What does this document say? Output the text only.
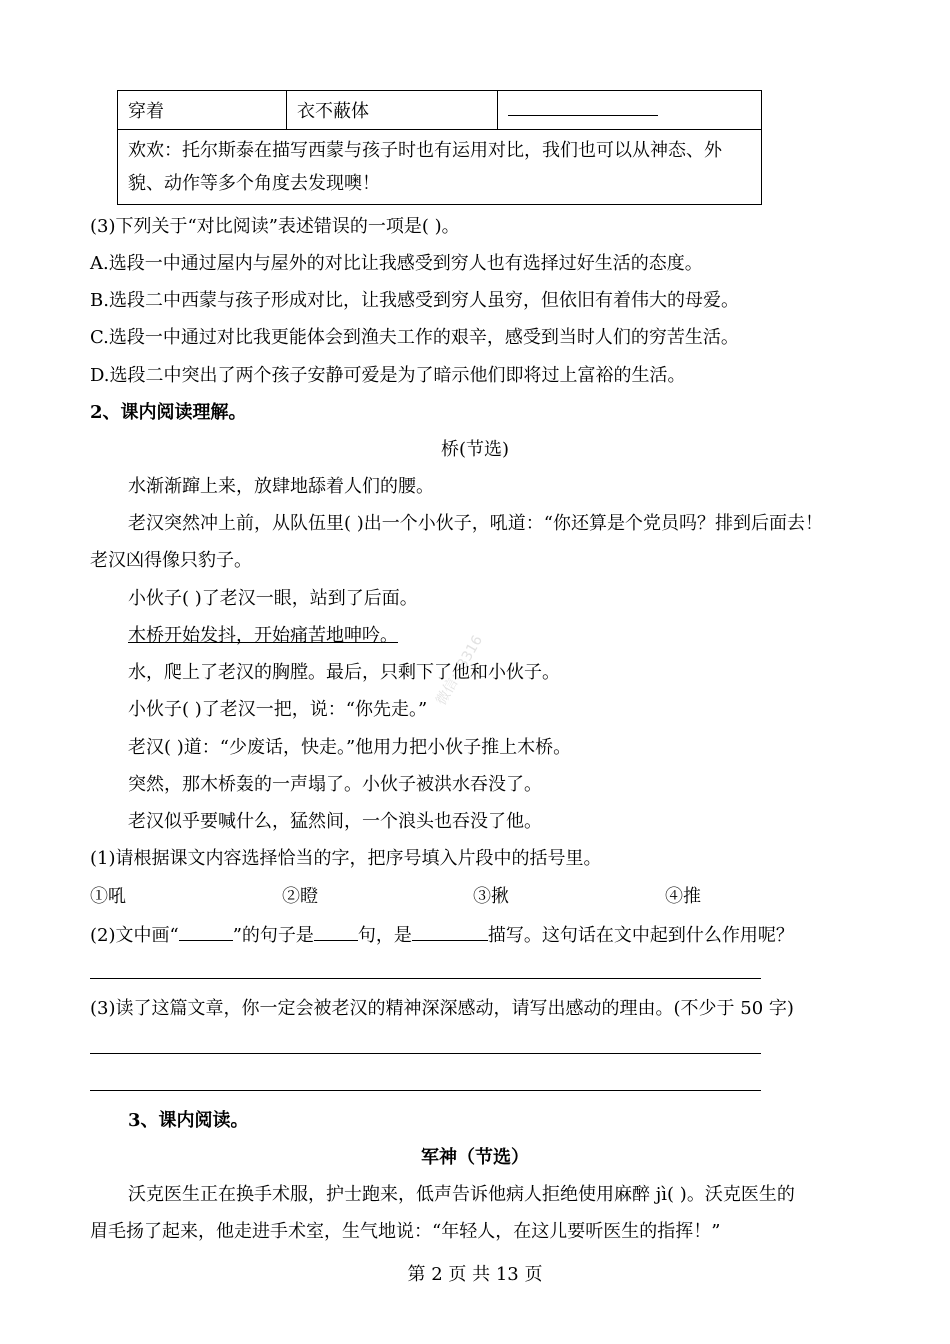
穿着	衣不蔽体	
欢欢：托尔斯泰在描写西蒙与孩子时也有运用对比，我们也可以从神态、外貌、动作等多个角度去发现噢！
(3)下列关于“对比阅读”表述错误的一项是( )。
A.选段一中通过屋内与屋外的对比让我感受到穷人也有选择过好生活的态度。
B.选段二中西蒙与孩子形成对比，让我感受到穷人虽穷，但依旧有着伟大的母爱。
C.选段一中通过对比我更能体会到渔夫工作的艰辛，感受到当时人们的穷苦生活。
D.选段二中突出了两个孩子安静可爱是为了暗示他们即将过上富裕的生活。
2、课内阅读理解。
桥(节选)
水渐渐蹿上来，放肆地舔着人们的腰。
老汉突然冲上前，从队伍里( )出一个小伙子，吼道：“你还算是个党员吗？排到后面去！
老汉凶得像只豹子。
小伙子( )了老汉一眼，站到了后面。
木桥开始发抖，开始痛苦地呻吟。
水，爬上了老汉的胸膛。最后，只剩下了他和小伙子。
小伙子( )了老汉一把，说：“你先走。”
老汉( )道：“少废话，快走。”他用力把小伙子推上木桥。
突然，那木桥轰的一声塌了。小伙子被洪水吞没了。
老汉似乎要喊什么，猛然间，一个浪头也吞没了他。
微信：3316
(1)请根据课文内容选择恰当的字，把序号填入片段中的括号里。
①吼	②瞪	③揪	④推
(2)文中画“	”的句子是 句，是	描写。这句话在文中起到什么作用呢？
(3)读了这篇文章，你一定会被老汉的精神深深感动，请写出感动的理由。(不少于 50 字)
3、课内阅读。
军神（节选）
沃克医生正在换手术服，护士跑来，低声告诉他病人拒绝使用麻醉 jì( )。沃克医生的
眉毛扬了起来，他走进手术室，生气地说：“年轻人，在这儿要听医生的指挥！”
第 2 页 共 13 页
